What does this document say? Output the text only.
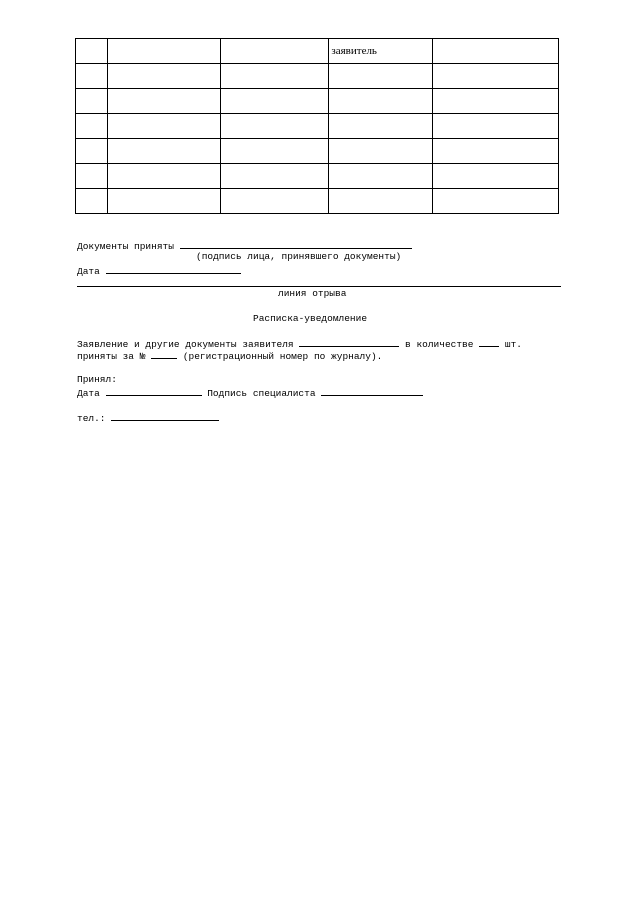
			заявитель	

Документы приняты
(подпись лица, принявшего документы)
Дата
линия отрыва
Расписка-уведомление
Заявление и другие документы заявителя	в количестве	шт.
приняты за №	(регистрационный номер по журналу).
Принял:
Дата	Подпись специалиста
тел.:
